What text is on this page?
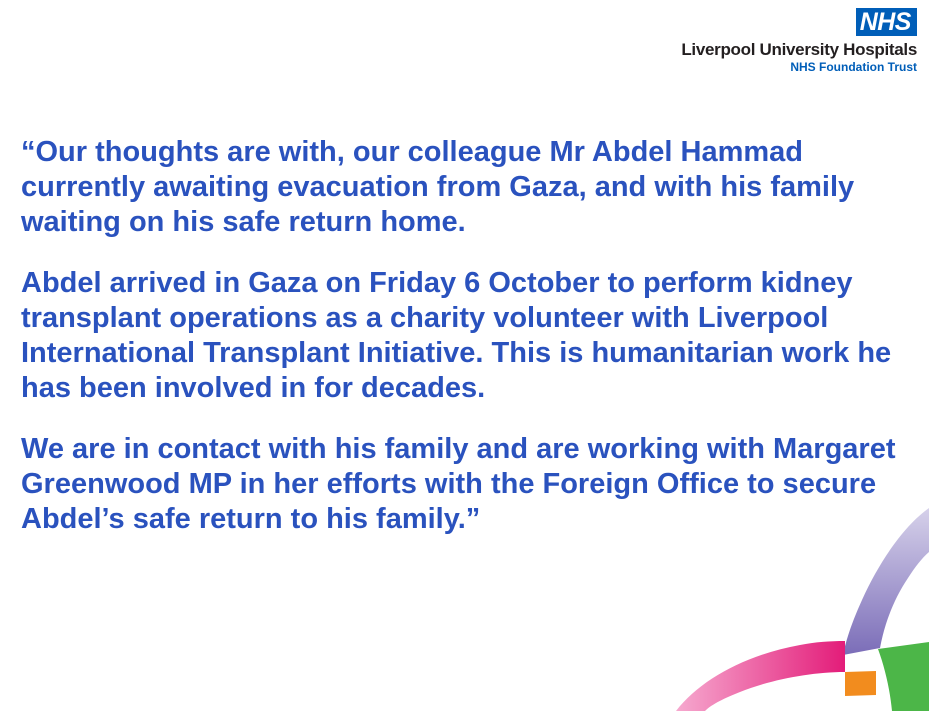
NHS
Liverpool University Hospitals
NHS Foundation Trust

“Our thoughts are with, our colleague Mr Abdel Hammad currently awaiting evacuation from Gaza, and with his family waiting on his safe return home.

Abdel arrived in Gaza on Friday 6 October to perform kidney transplant operations as a charity volunteer with Liverpool International Transplant Initiative. This is humanitarian work he has been involved in for decades.

We are in contact with his family and are working with Margaret Greenwood MP in her efforts with the Foreign Office to secure Abdel’s safe return to his family.”
